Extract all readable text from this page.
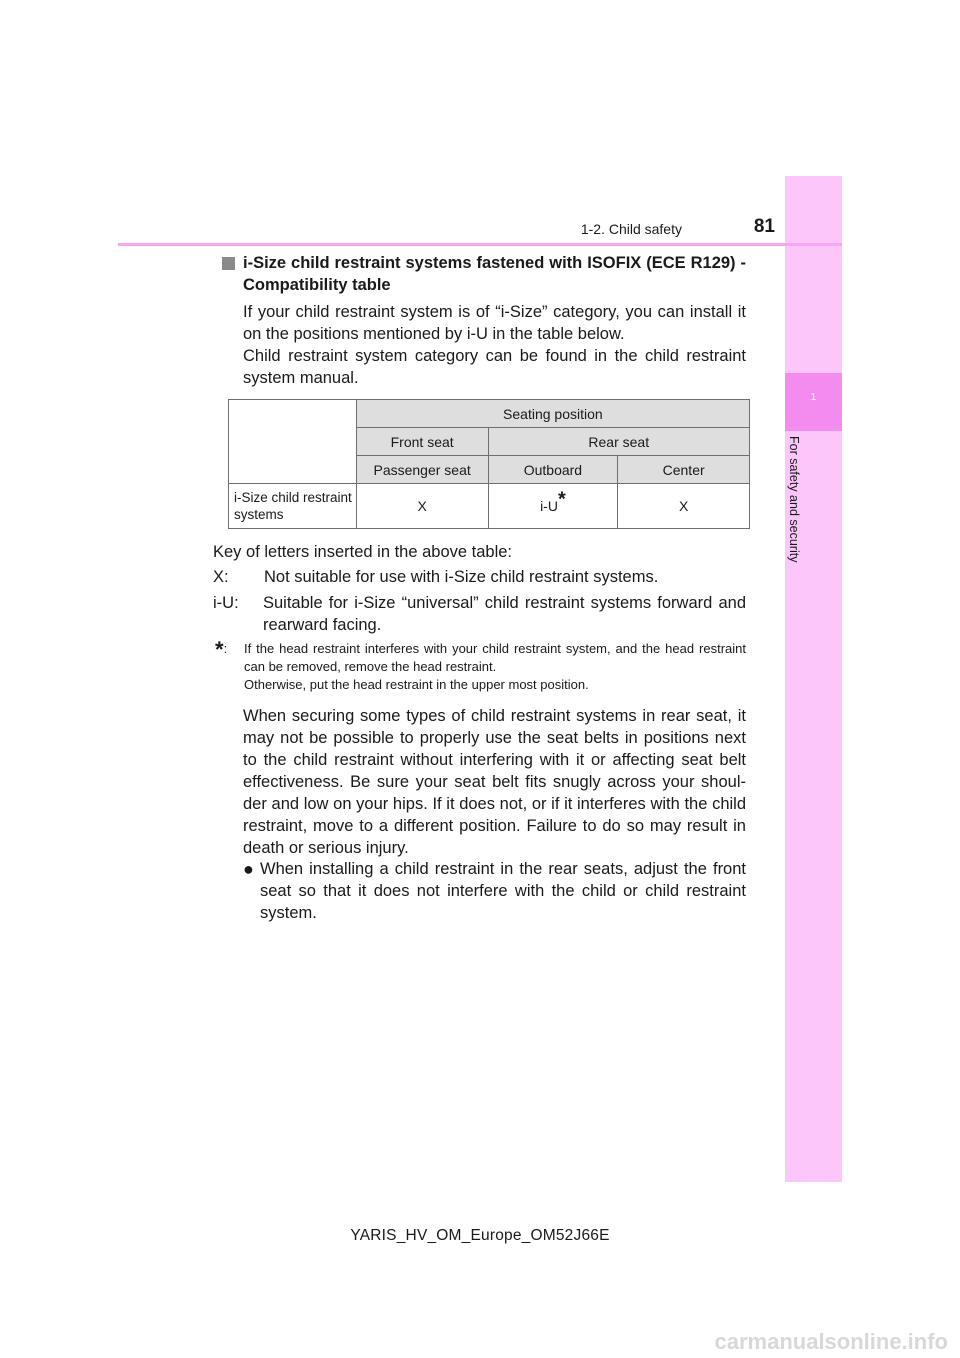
1
For safety and security
1-2. Child safety	81
i-Size child restraint systems fastened with ISOFIX (ECE R129) - Compatibility table
If your child restraint system is of “i-Size” category, you can install it on the positions mentioned by i-U in the table below.
Child restraint system category can be found in the child restraint system manual.
	Seating position		
	Front seat	Rear seat	
	Passenger seat	Outboard	Center
i-Size child restraint systems	X	i-U*	X
Key of letters inserted in the above table:
X:	Not suitable for use with i-Size child restraint systems.
i-U:	Suitable for i-Size “universal” child restraint systems forward and rearward facing.
*:	If the head restraint interferes with your child restraint system, and the head restraint can be removed, remove the head restraint.
Otherwise, put the head restraint in the upper most position.
When securing some types of child restraint systems in rear seat, it may not be possible to properly use the seat belts in positions next to the child restraint without interfering with it or affecting seat belt effectiveness. Be sure your seat belt fits snugly across your shoul-der and low on your hips. If it does not, or if it interferes with the child restraint, move to a different position. Failure to do so may result in death or serious injury.
● When installing a child restraint in the rear seats, adjust the front seat so that it does not interfere with the child or child restraint system.
YARIS_HV_OM_Europe_OM52J66E
carmanualsonline.info
